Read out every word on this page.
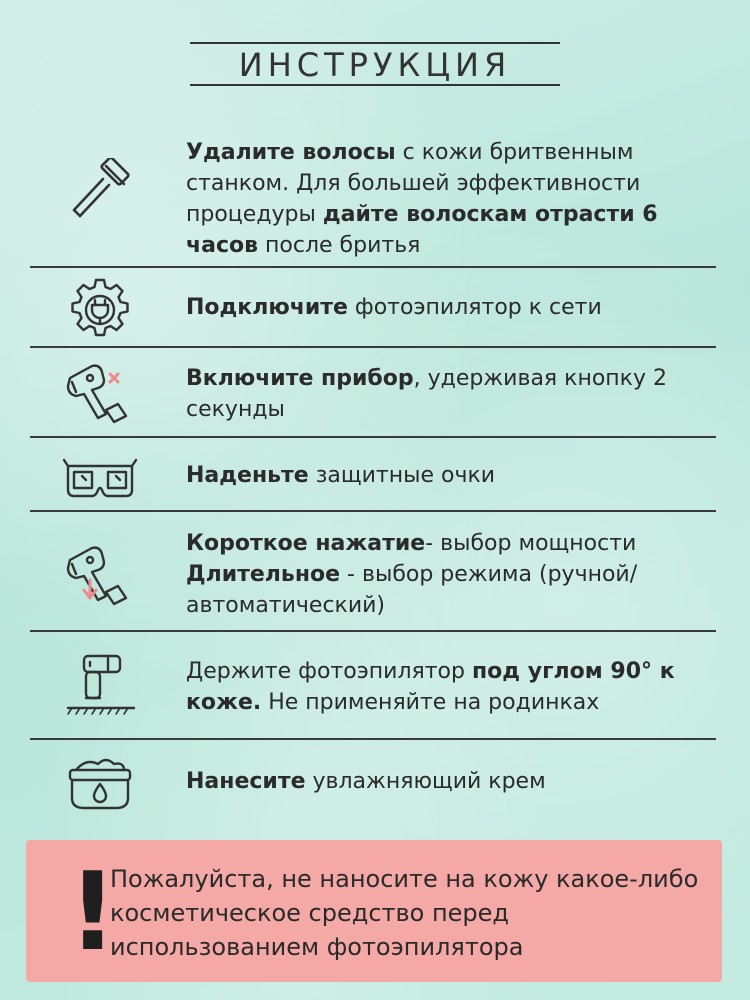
ИНСТРУКЦИЯ
Удалите волосы с кожи бритвенным станком. Для большей эффективности процедуры дайте волоскам отрасти 6 часов после бритья
Подключите фотоэпилятор к сети
Включите прибор, удерживая кнопку 2 секунды
Наденьте защитные очки
Короткое нажатие- выбор мощности
Длительное - выбор режима (ручной/ автоматический)
Держите фотоэпилятор под углом 90° к коже. Не применяйте на родинках
Нанесите увлажняющий крем
!
Пожалуйста, не наносите на кожу какое-либо косметическое средство перед использованием фотоэпилятора
